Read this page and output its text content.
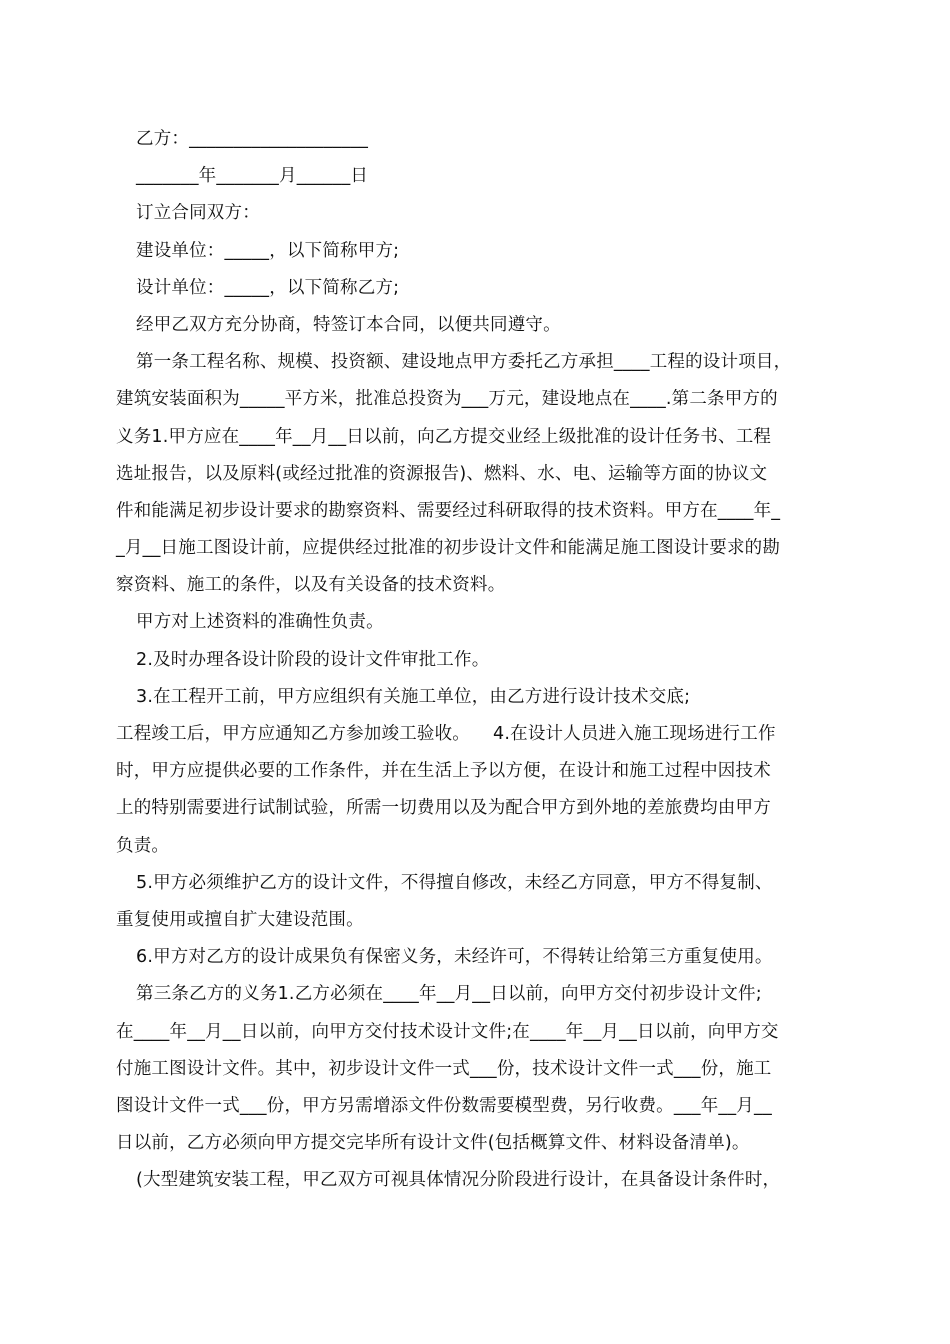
乙方：____________________
_______年_______月______日
订立合同双方：
建设单位：_____，以下简称甲方;
设计单位：_____，以下简称乙方;
经甲乙双方充分协商，特签订本合同，以便共同遵守。
第一条工程名称、规模、投资额、建设地点甲方委托乙方承担____工程的设计项目，
建筑安装面积为_____平方米，批准总投资为___万元，建设地点在____.第二条甲方的
义务1.甲方应在____年__月__日以前，向乙方提交业经上级批准的设计任务书、工程
选址报告，以及原料(或经过批准的资源报告)、燃料、水、电、运输等方面的协议文
件和能满足初步设计要求的勘察资料、需要经过科研取得的技术资料。甲方在____年_
_月__日施工图设计前，应提供经过批准的初步设计文件和能满足施工图设计要求的勘
察资料、施工的条件，以及有关设备的技术资料。
甲方对上述资料的准确性负责。
2.及时办理各设计阶段的设计文件审批工作。
3.在工程开工前，甲方应组织有关施工单位，由乙方进行设计技术交底;
工程竣工后，甲方应通知乙方参加竣工验收。    4.在设计人员进入施工现场进行工作
时，甲方应提供必要的工作条件，并在生活上予以方便，在设计和施工过程中因技术
上的特别需要进行试制试验，所需一切费用以及为配合甲方到外地的差旅费均由甲方
负责。
5.甲方必须维护乙方的设计文件，不得擅自修改，未经乙方同意，甲方不得复制、
重复使用或擅自扩大建设范围。
6.甲方对乙方的设计成果负有保密义务，未经许可，不得转让给第三方重复使用。
第三条乙方的义务1.乙方必须在____年__月__日以前，向甲方交付初步设计文件;
在____年__月__日以前，向甲方交付技术设计文件;在____年__月__日以前，向甲方交
付施工图设计文件。其中，初步设计文件一式___份，技术设计文件一式___份，施工
图设计文件一式___份，甲方另需增添文件份数需要模型费，另行收费。___年__月__
日以前，乙方必须向甲方提交完毕所有设计文件(包括概算文件、材料设备清单)。
(大型建筑安装工程，甲乙双方可视具体情况分阶段进行设计，在具备设计条件时，
